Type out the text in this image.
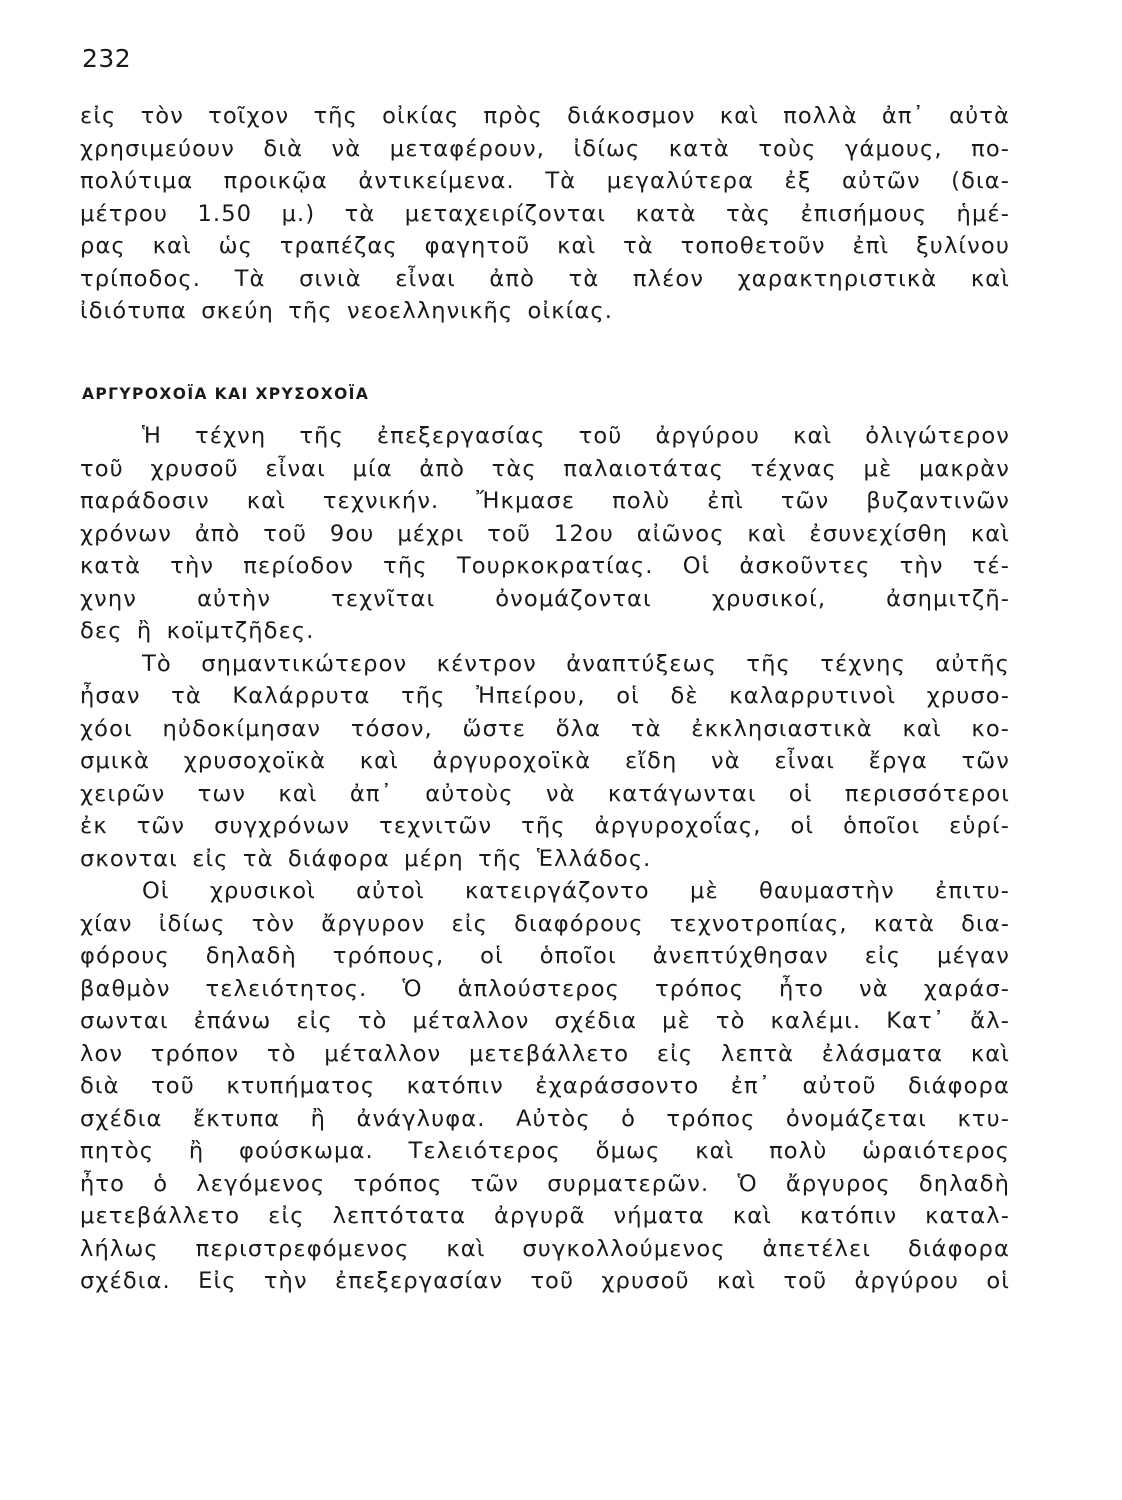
232
εἰς τὸν τοῖχον τῆς οἰκίας πρὸς διάκοσμον καὶ πολλὰ ἀπ᾿ αὐτὰ
χρησιμεύουν διὰ νὰ μεταφέρουν, ἰδίως κατὰ τοὺς γάμους, πο-
πολύτιμα προικῷα ἀντικείμενα. Τὰ μεγαλύτερα ἐξ αὐτῶν (δια-
μέτρου 1.50 μ.) τὰ μεταχειρίζονται κατὰ τὰς ἐπισήμους ἡμέ-
ρας καὶ ὡς τραπέζας φαγητοῦ καὶ τὰ τοποθετοῦν ἐπὶ ξυλίνου
τρίποδος. Τὰ σινιὰ εἶναι ἀπὸ τὰ πλέον χαρακτηριστικὰ καὶ
ἰδιότυπα σκεύη τῆς νεοελληνικῆς οἰκίας.
ΑΡΓΥΡΟΧΟΪΑ ΚΑΙ ΧΡΥΣΟΧΟΪΑ
Ἡ τέχνη τῆς ἐπεξεργασίας τοῦ ἀργύρου καὶ ὀλιγώτερον
τοῦ χρυσοῦ εἶναι μία ἀπὸ τὰς παλαιοτάτας τέχνας μὲ μακρὰν
παράδοσιν καὶ τεχνικήν. Ἤκμασε πολὺ ἐπὶ τῶν βυζαντινῶν
χρόνων ἀπὸ τοῦ 9ου μέχρι τοῦ 12ου αἰῶνος καὶ ἐσυνεχίσθη καὶ
κατὰ τὴν περίοδον τῆς Τουρκοκρατίας. Οἱ ἀσκοῦντες τὴν τέ-
χνην αὐτὴν τεχνῖται ὀνομάζονται χρυσικοί, ἀσημιτζῆ-
δες ἢ κοϊμτζῆδες.
Τὸ σημαντικώτερον κέντρον ἀναπτύξεως τῆς τέχνης αὐτῆς
ἦσαν τὰ Καλάρρυτα τῆς Ἠπείρου, οἱ δὲ καλαρρυτινοὶ χρυσο-
χόοι ηὐδοκίμησαν τόσον, ὥστε ὅλα τὰ ἐκκλησιαστικὰ καὶ κο-
σμικὰ χρυσοχοϊκὰ καὶ ἀργυροχοϊκὰ εἴδη νὰ εἶναι ἔργα τῶν
χειρῶν των καὶ ἀπ᾿ αὐτοὺς νὰ κατάγωνται οἱ περισσότεροι
ἐκ τῶν συγχρόνων τεχνιτῶν τῆς ἀργυροχοΐας, οἱ ὁποῖοι εὑρί-
σκονται εἰς τὰ διάφορα μέρη τῆς Ἑλλάδος.
Οἱ χρυσικοὶ αὐτοὶ κατειργάζοντο μὲ θαυμαστὴν ἐπιτυ-
χίαν ἰδίως τὸν ἄργυρον εἰς διαφόρους τεχνοτροπίας, κατὰ δια-
φόρους δηλαδὴ τρόπους, οἱ ὁποῖοι ἀνεπτύχθησαν εἰς μέγαν
βαθμὸν τελειότητος. Ὁ ἁπλούστερος τρόπος ἦτο νὰ χαράσ-
σωνται ἐπάνω εἰς τὸ μέταλλον σχέδια μὲ τὸ καλέμι. Κατ᾿ ἄλ-
λον τρόπον τὸ μέταλλον μετεβάλλετο εἰς λεπτὰ ἐλάσματα καὶ
διὰ τοῦ κτυπήματος κατόπιν ἐχαράσσοντο ἐπ᾿ αὐτοῦ διάφορα
σχέδια ἔκτυπα ἢ ἀνάγλυφα. Αὐτὸς ὁ τρόπος ὀνομάζεται κτυ-
πητὸς ἢ φούσκωμα. Τελειότερος ὅμως καὶ πολὺ ὡραιότερος
ἦτο ὁ λεγόμενος τρόπος τῶν συρματερῶν. Ὁ ἄργυρος δηλαδὴ
μετεβάλλετο εἰς λεπτότατα ἀργυρᾶ νήματα καὶ κατόπιν καταλ-
λήλως περιστρεφόμενος καὶ συγκολλούμενος ἀπετέλει διάφορα
σχέδια. Εἰς τὴν ἐπεξεργασίαν τοῦ χρυσοῦ καὶ τοῦ ἀργύρου οἱ
